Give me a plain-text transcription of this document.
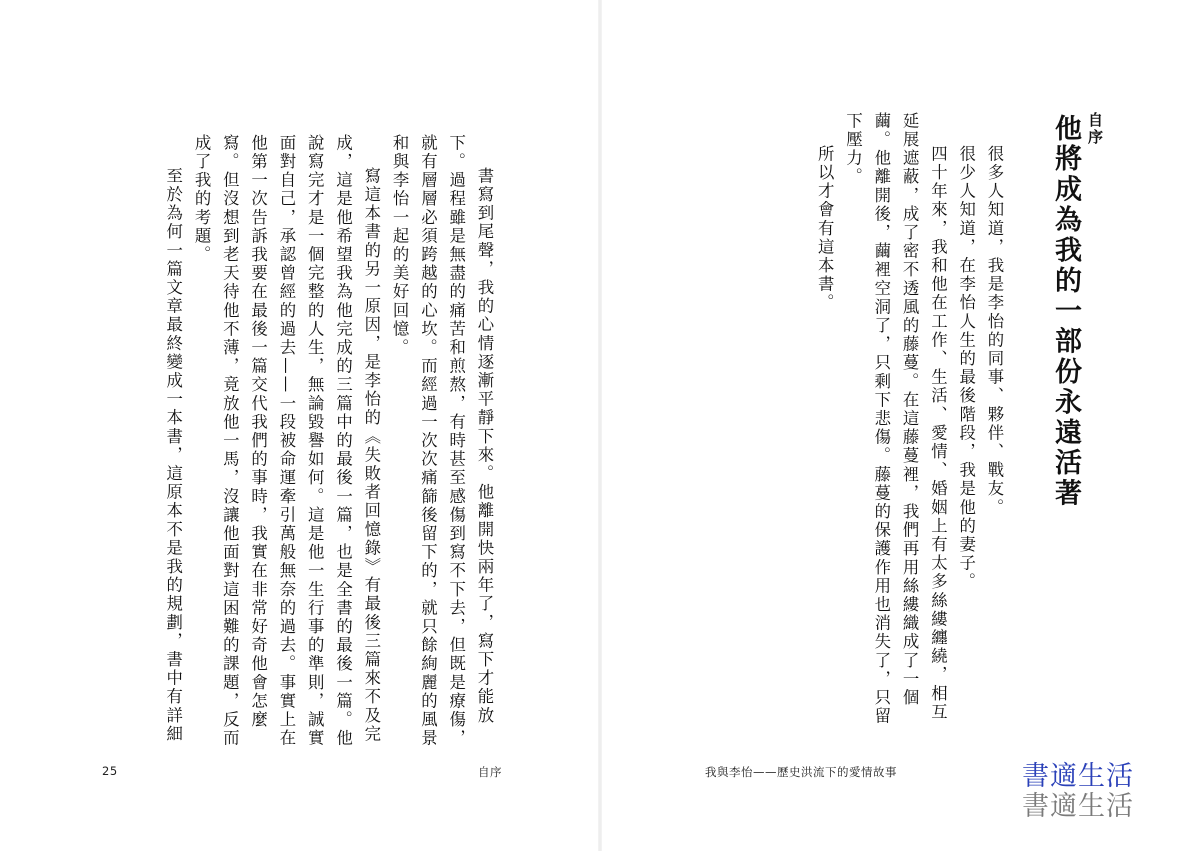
自序
他將成為我的一部份永遠活著

很多人知道，我是李怡的同事、夥伴、戰友。

很少人知道，在李怡人生的最後階段，我是他的妻子。

四十年來，我和他在工作、生活、愛情、婚姻上有太多絲縷纏繞，相互
延展遮蔽，成了密不透風的藤蔓。在這藤蔓裡，我們再用絲縷織成了一個
繭。他離開後，繭裡空洞了，只剩下悲傷。藤蔓的保護作用也消失了，只留
下壓力。

所以才會有這本書。

書寫到尾聲，我的心情逐漸平靜下來。他離開快兩年了，寫下才能放
下。過程雖是無盡的痛苦和煎熬，有時甚至感傷到寫不下去，但既是療傷，
就有層層必須跨越的心坎。而經過一次次痛篩後留下的，就只餘絢麗的風景
和與李怡一起的美好回憶。

寫這本書的另一原因，是李怡的《失敗者回憶錄》有最後三篇來不及完
成，這是他希望我為他完成的三篇中的最後一篇，也是全書的最後一篇。他
說寫完才是一個完整的人生，無論毀譽如何。這是他一生行事的準則，誠實
面對自己，承認曾經的過去——一段被命運牽引萬般無奈的過去。事實上在
他第一次告訴我要在最後一篇交代我們的事時，我實在非常好奇他會怎麼
寫。但沒想到老天待他不薄，竟放他一馬，沒讓他面對這困難的課題，反而
成了我的考題。

至於為何一篇文章最終變成一本書，這原本不是我的規劃，書中有詳細

25	自序	我與李怡——歷史洪流下的愛情故事	書適生活
書適生活
